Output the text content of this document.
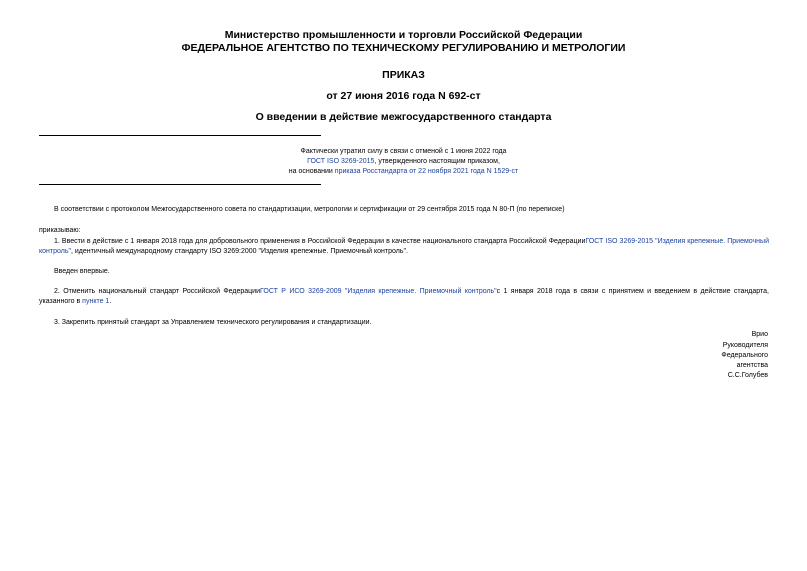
Министерство промышленности и торговли Российской Федерации
ФЕДЕРАЛЬНОЕ АГЕНТСТВО ПО ТЕХНИЧЕСКОМУ РЕГУЛИРОВАНИЮ И МЕТРОЛОГИИ
ПРИКАЗ
от 27 июня 2016 года N 692-ст
О введении в действие межгосударственного стандарта
Фактически утратил силу в связи с отменой с 1 июня 2022 года
ГОСТ ISO 3269-2015, утвержденного настоящим приказом,
на основании приказа Росстандарта от 22 ноября 2021 года N 1529-ст
В соответствии с протоколом Межгосударственного совета по стандартизации, метрологии и сертификации от 29 сентября 2015 года N 80-П (по переписке)
приказываю:
1. Ввести в действие с 1 января 2018 года для добровольного применения в Российской Федерации в качестве национального стандарта Российской ФедерацииГОСТ ISO 3269-2015 "Изделия крепежные. Приемочный контроль", идентичный международному стандарту ISO 3269:2000 "Изделия крепежные. Приемочный контроль".
Введен впервые.
2. Отменить национальный стандарт Российской ФедерацииГОСТ Р ИСО 3269-2009 "Изделия крепежные. Приемочный контроль"с 1 января 2018 года в связи с принятием и введением в действие стандарта, указанного в пункте 1.
3. Закрепить принятый стандарт за Управлением технического регулирования и стандартизации.
Врио
Руководителя
Федерального
агентства
С.С.Голубев
